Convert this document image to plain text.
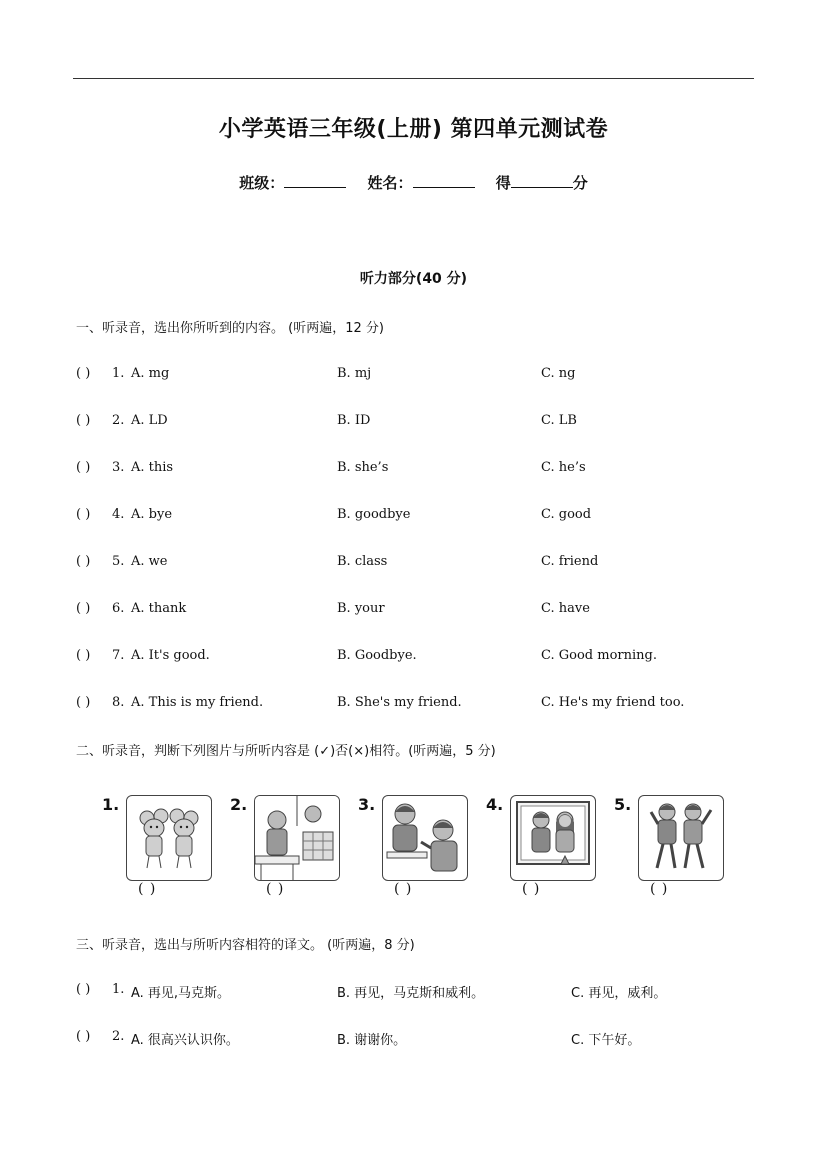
小学英语三年级(上册) 第四单元测试卷
班级：	姓名：	得	分
听力部分(40 分)
一、听录音，选出你所听到的内容。 (听两遍，12 分)
( ) 1. A. mg	B. mj	C. ng
( ) 2. A. LD	B. ID	C. LB
( ) 3. A. this	B. she’s	C. he’s
( ) 4. A. bye	B. goodbye	C. good
( ) 5. A. we	B. class	C. friend
( ) 6. A. thank	B. your	C. have
( ) 7. A. It's good.	B. Goodbye.	C. Good morning.
( ) 8. A. This is my friend.	B. She's my friend.	C. He's my friend too.
二、听录音，判断下列图片与所听内容是 (✓)否(×)相符。(听两遍，5 分)
1.
( )
2.
( )
3.
( )
4.
( )
5.
( )
三、听录音，选出与所听内容相符的译文。 (听两遍，8 分)
( ) 1. A. 再见,马克斯。	B. 再见，马克斯和威利。	C. 再见，威利。
( ) 2. A. 很高兴认识你。	B. 谢谢你。	C. 下午好。
